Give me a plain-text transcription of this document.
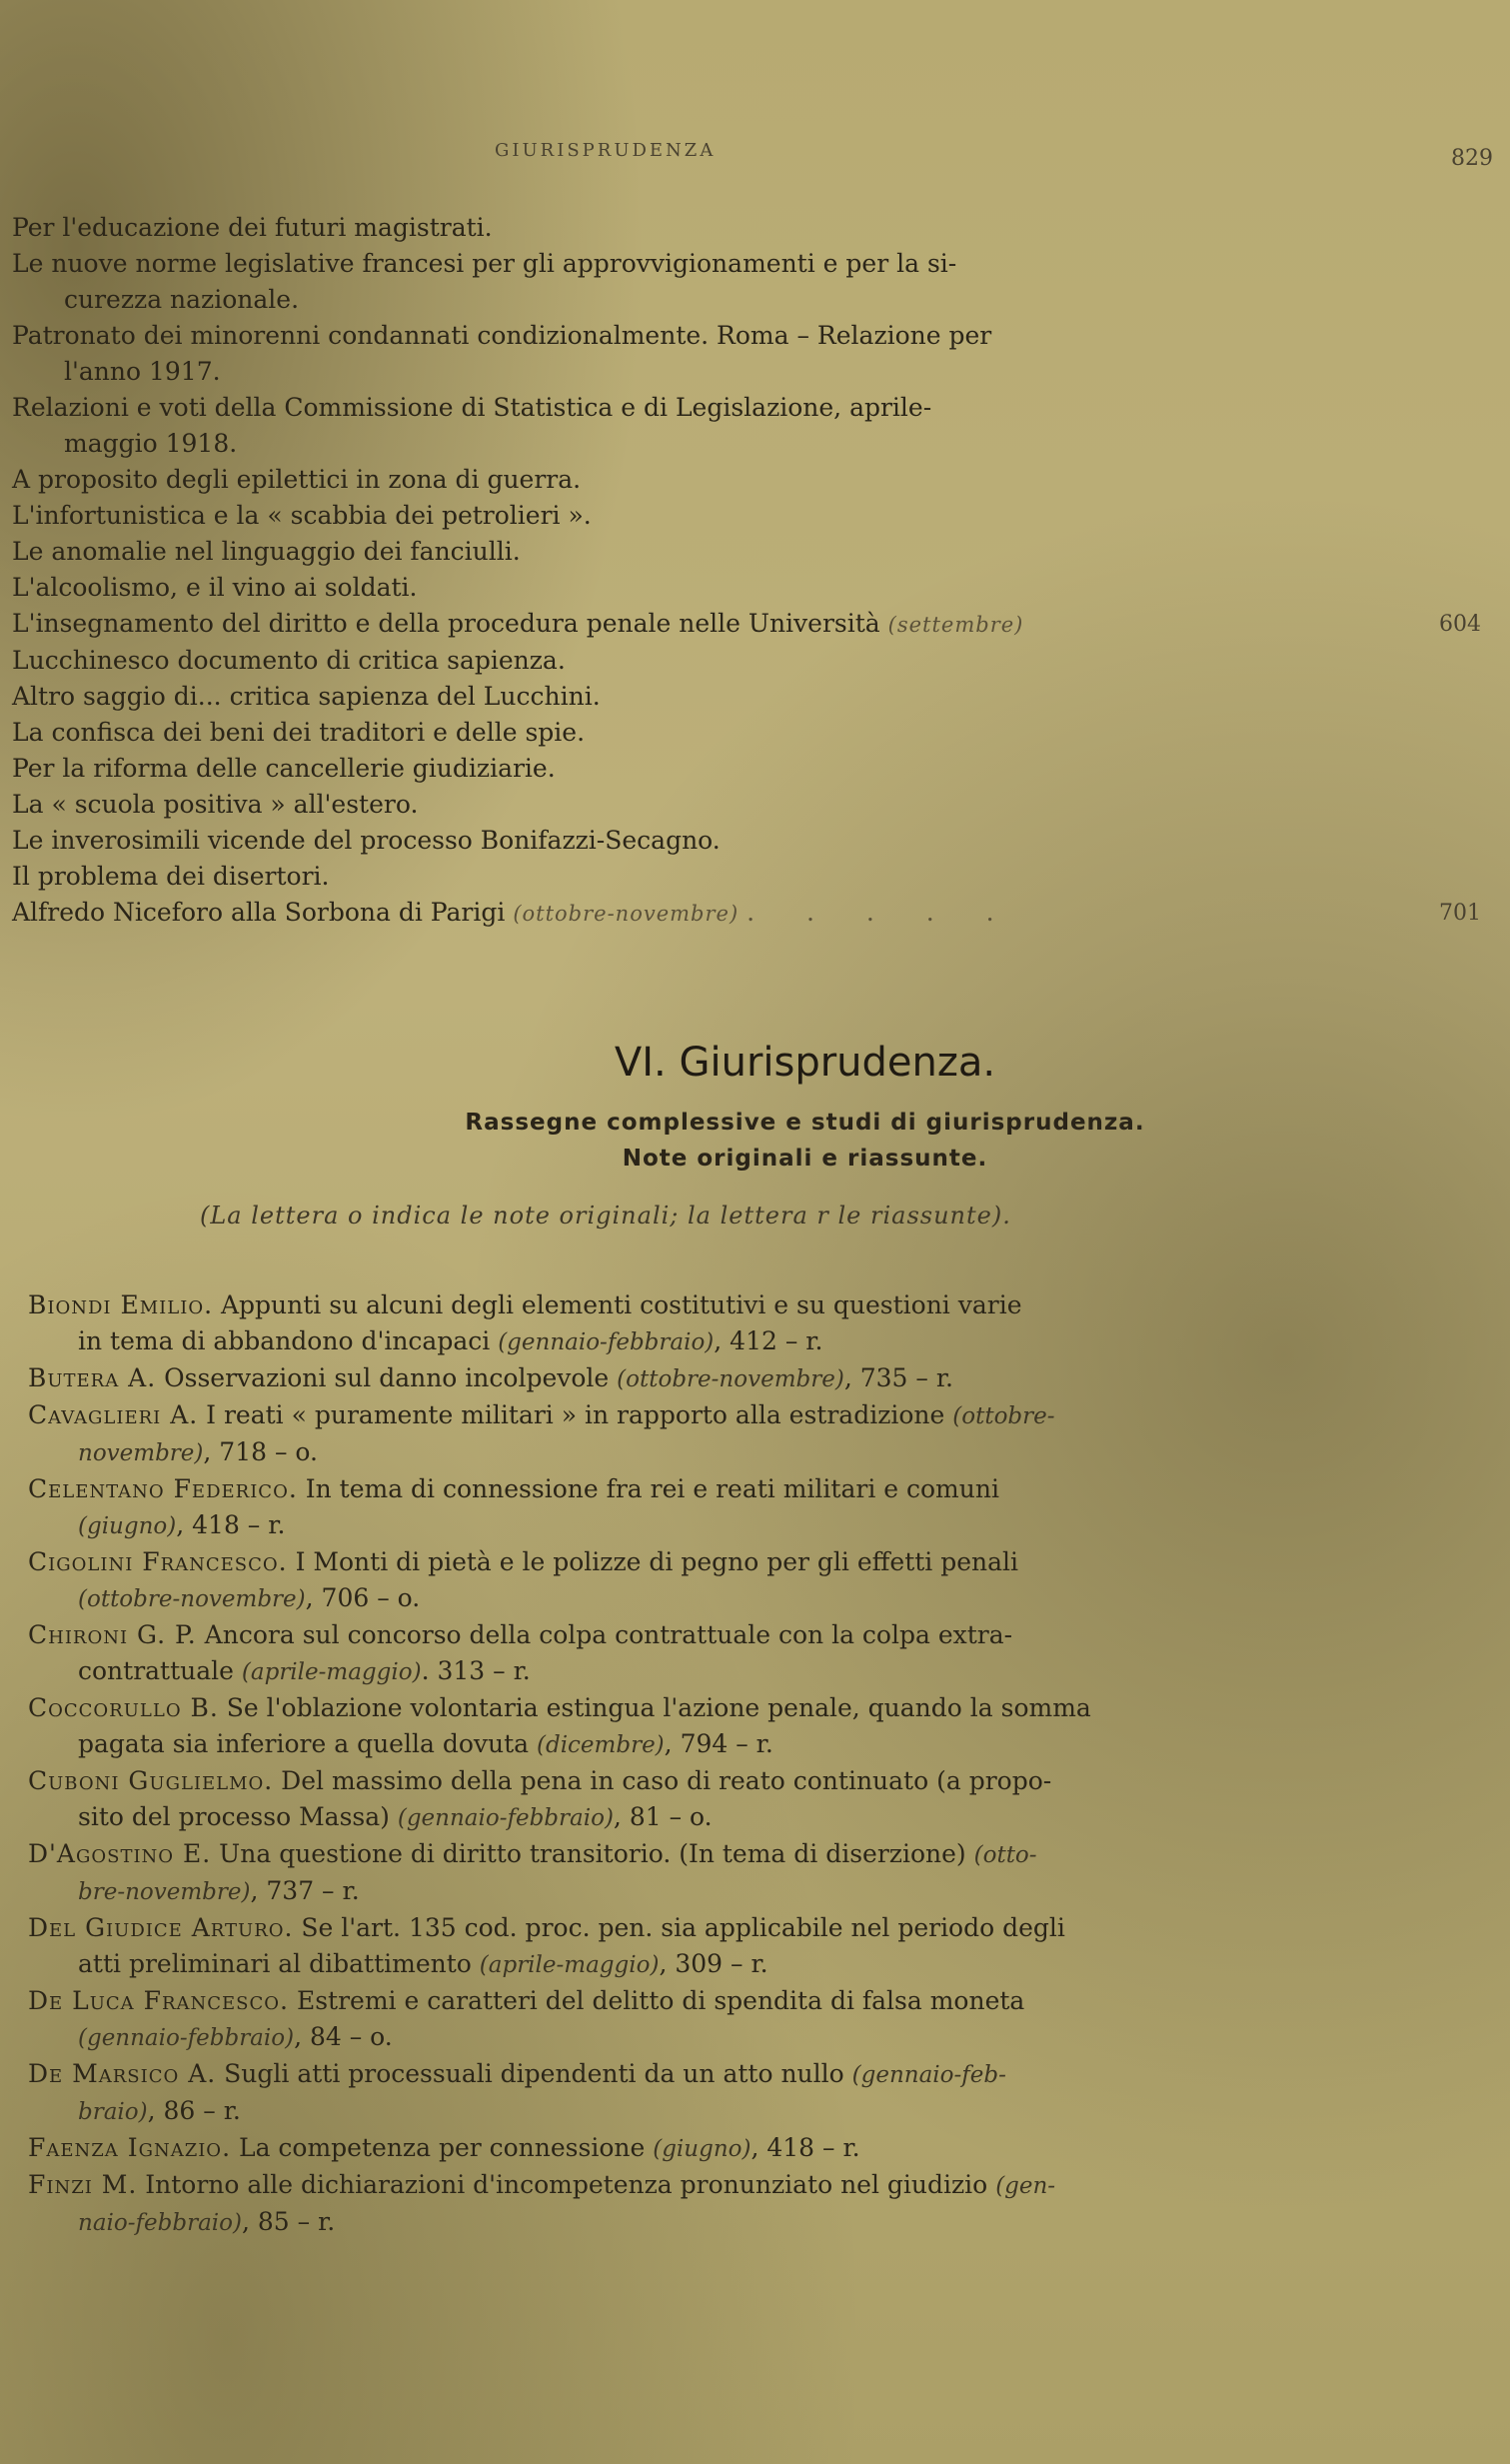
GIURISPRUDENZA	829
Per l'educazione dei futuri magistrati.
Le nuove norme legislative francesi per gli approvvigionamenti e per la si-
curezza nazionale.
Patronato dei minorenni condannati condizionalmente. Roma – Relazione per
l'anno 1917.
Relazioni e voti della Commissione di Statistica e di Legislazione, aprile-
maggio 1918.
A proposito degli epilettici in zona di guerra.
L'infortunistica e la « scabbia dei petrolieri ».
Le anomalie nel linguaggio dei fanciulli.
L'alcoolismo, e il vino ai soldati.
L'insegnamento del diritto e della procedura penale nelle Università (settembre)	604
Lucchinesco documento di critica sapienza.
Altro saggio di... critica sapienza del Lucchini.
La confisca dei beni dei traditori e delle spie.
Per la riforma delle cancellerie giudiziarie.
La « scuola positiva » all'estero.
Le inverosimili vicende del processo Bonifazzi-Secagno.
Il problema dei disertori.
Alfredo Niceforo alla Sorbona di Parigi (ottobre-novembre) . . . . .	701
VI. Giurisprudenza.
Rassegne complessive e studi di giurisprudenza.
Note originali e riassunte.
(La lettera o indica le note originali; la lettera r le riassunte).
Biondi Emilio. Appunti su alcuni degli elementi costitutivi e su questioni varie
in tema di abbandono d'incapaci (gennaio-febbraio), 412 – r.
Butera A. Osservazioni sul danno incolpevole (ottobre-novembre), 735 – r.
Cavaglieri A. I reati « puramente militari » in rapporto alla estradizione (ottobre-
novembre), 718 – o.
Celentano Federico. In tema di connessione fra rei e reati militari e comuni
(giugno), 418 – r.
Cigolini Francesco. I Monti di pietà e le polizze di pegno per gli effetti penali
(ottobre-novembre), 706 – o.
Chironi G. P. Ancora sul concorso della colpa contrattuale con la colpa extra-
contrattuale (aprile-maggio). 313 – r.
Coccorullo B. Se l'oblazione volontaria estingua l'azione penale, quando la somma
pagata sia inferiore a quella dovuta (dicembre), 794 – r.
Cuboni Guglielmo. Del massimo della pena in caso di reato continuato (a propo-
sito del processo Massa) (gennaio-febbraio), 81 – o.
D'Agostino E. Una questione di diritto transitorio. (In tema di diserzione) (otto-
bre-novembre), 737 – r.
Del Giudice Arturo. Se l'art. 135 cod. proc. pen. sia applicabile nel periodo degli
atti preliminari al dibattimento (aprile-maggio), 309 – r.
De Luca Francesco. Estremi e caratteri del delitto di spendita di falsa moneta
(gennaio-febbraio), 84 – o.
De Marsico A. Sugli atti processuali dipendenti da un atto nullo (gennaio-feb-
braio), 86 – r.
Faenza Ignazio. La competenza per connessione (giugno), 418 – r.
Finzi M. Intorno alle dichiarazioni d'incompetenza pronunziato nel giudizio (gen-
naio-febbraio), 85 – r.
